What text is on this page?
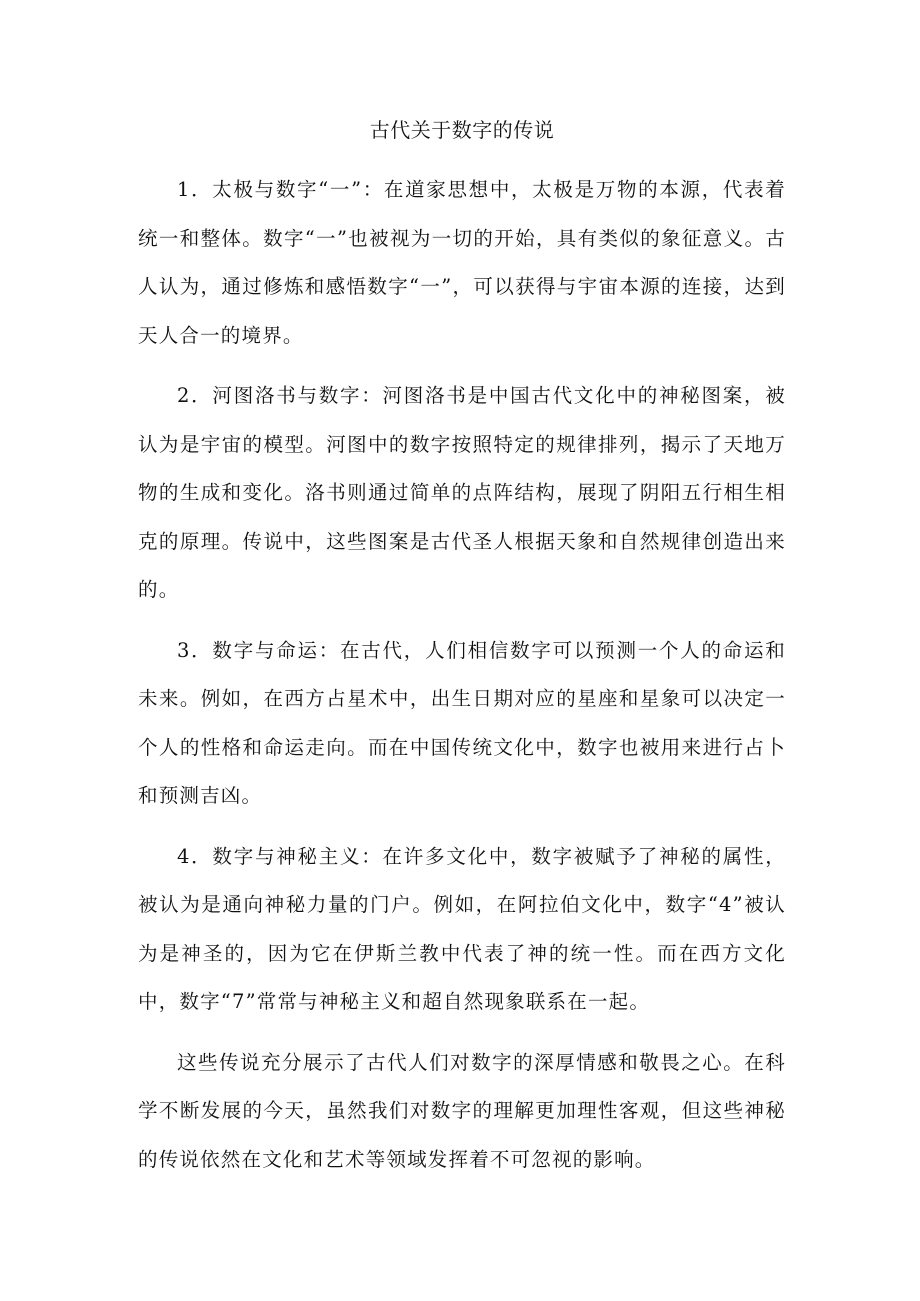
古代关于数字的传说

1．太极与数字“一”：在道家思想中，太极是万物的本源，代表着统一和整体。数字“一”也被视为一切的开始，具有类似的象征意义。古人认为，通过修炼和感悟数字“一”，可以获得与宇宙本源的连接，达到天人合一的境界。

2．河图洛书与数字：河图洛书是中国古代文化中的神秘图案，被认为是宇宙的模型。河图中的数字按照特定的规律排列，揭示了天地万物的生成和变化。洛书则通过简单的点阵结构，展现了阴阳五行相生相克的原理。传说中，这些图案是古代圣人根据天象和自然规律创造出来的。

3．数字与命运：在古代，人们相信数字可以预测一个人的命运和未来。例如，在西方占星术中，出生日期对应的星座和星象可以决定一个人的性格和命运走向。而在中国传统文化中，数字也被用来进行占卜和预测吉凶。

4．数字与神秘主义：在许多文化中，数字被赋予了神秘的属性，被认为是通向神秘力量的门户。例如，在阿拉伯文化中，数字“4”被认为是神圣的，因为它在伊斯兰教中代表了神的统一性。而在西方文化中，数字“7”常常与神秘主义和超自然现象联系在一起。

这些传说充分展示了古代人们对数字的深厚情感和敬畏之心。在科学不断发展的今天，虽然我们对数字的理解更加理性客观，但这些神秘的传说依然在文化和艺术等领域发挥着不可忽视的影响。
